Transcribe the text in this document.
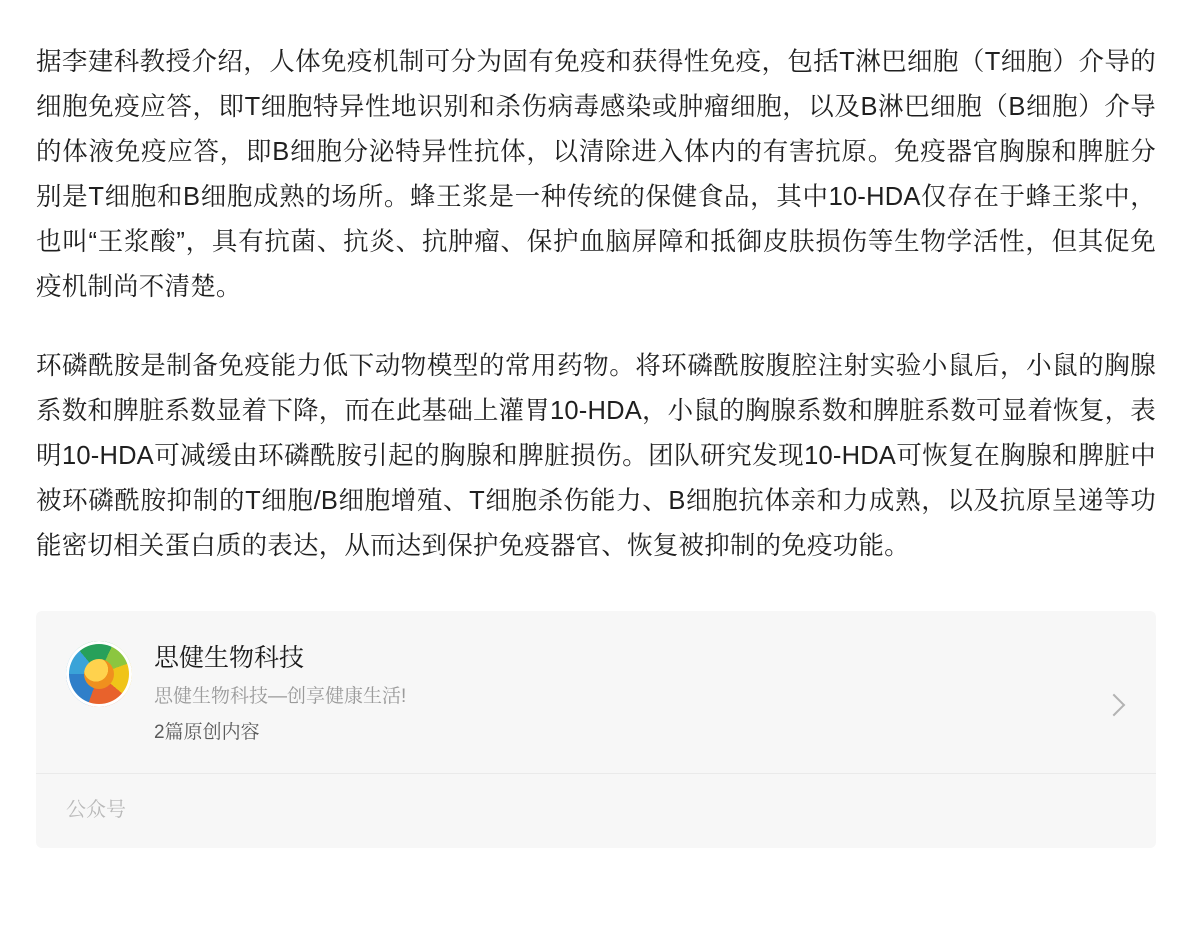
据李建科教授介绍，人体免疫机制可分为固有免疫和获得性免疫，包括T淋巴细胞（T细胞）介导的细胞免疫应答，即T细胞特异性地识别和杀伤病毒感染或肿瘤细胞，以及B淋巴细胞（B细胞）介导的体液免疫应答，即B细胞分泌特异性抗体，以清除进入体内的有害抗原。免疫器官胸腺和脾脏分别是T细胞和B细胞成熟的场所。蜂王浆是一种传统的保健食品，其中10-HDA仅存在于蜂王浆中，也叫“王浆酸”，具有抗菌、抗炎、抗肿瘤、保护血脑屏障和抵御皮肤损伤等生物学活性，但其促免疫机制尚不清楚。

环磷酰胺是制备免疫能力低下动物模型的常用药物。将环磷酰胺腹腔注射实验小鼠后，小鼠的胸腺系数和脾脏系数显着下降，而在此基础上灌胃10-HDA，小鼠的胸腺系数和脾脏系数可显着恢复，表明10-HDA可减缓由环磷酰胺引起的胸腺和脾脏损伤。团队研究发现10-HDA可恢复在胸腺和脾脏中被环磷酰胺抑制的T细胞/B细胞增殖、T细胞杀伤能力、B细胞抗体亲和力成熟，以及抗原呈递等功能密切相关蛋白质的表达，从而达到保护免疫器官、恢复被抑制的免疫功能。

思健生物科技
思健生物科技—创享健康生活!
2篇原创内容
公众号
